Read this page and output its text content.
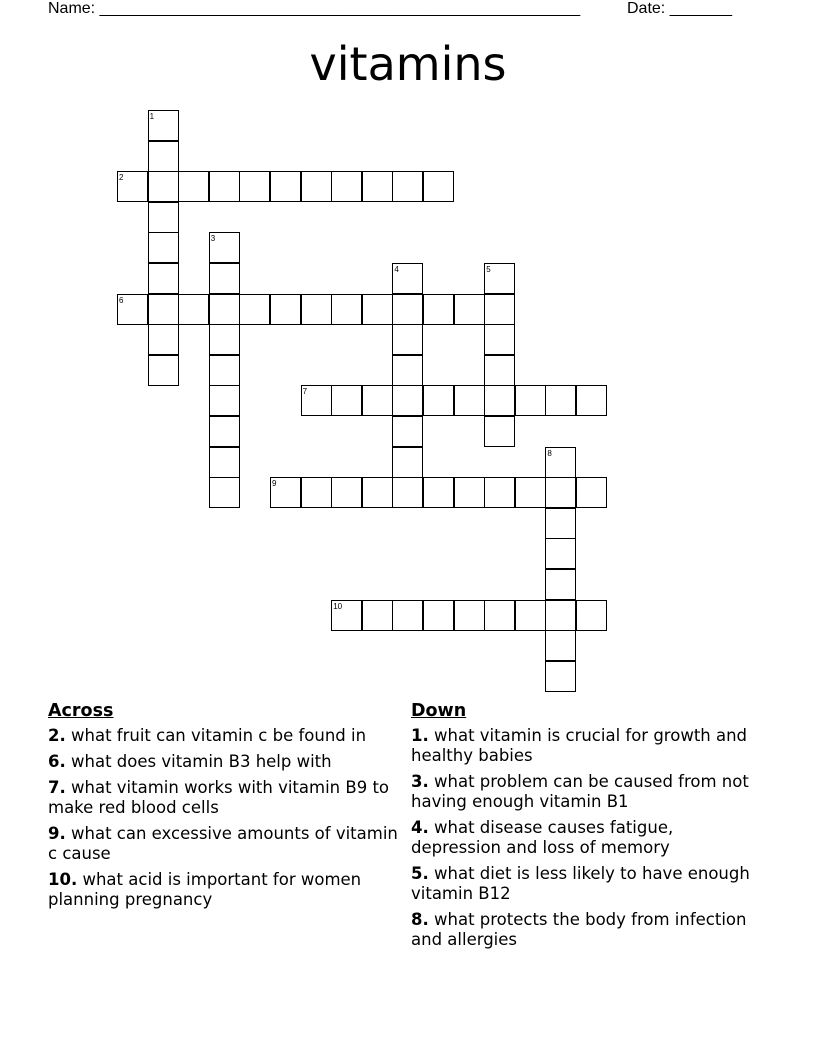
Name: ______________________________________________________	Date: _______
vitamins
1
2
3
4	5
6
7
8
9
10
Across
2. what fruit can vitamin c be found in
6. what does vitamin B3 help with
7. what vitamin works with vitamin B9 to make red blood cells
9. what can excessive amounts of vitamin c cause
10. what acid is important for women planning pregnancy
Down
1. what vitamin is crucial for growth and healthy babies
3. what problem can be caused from not having enough vitamin B1
4. what disease causes fatigue, depression and loss of memory
5. what diet is less likely to have enough vitamin B12
8. what protects the body from infection and allergies
